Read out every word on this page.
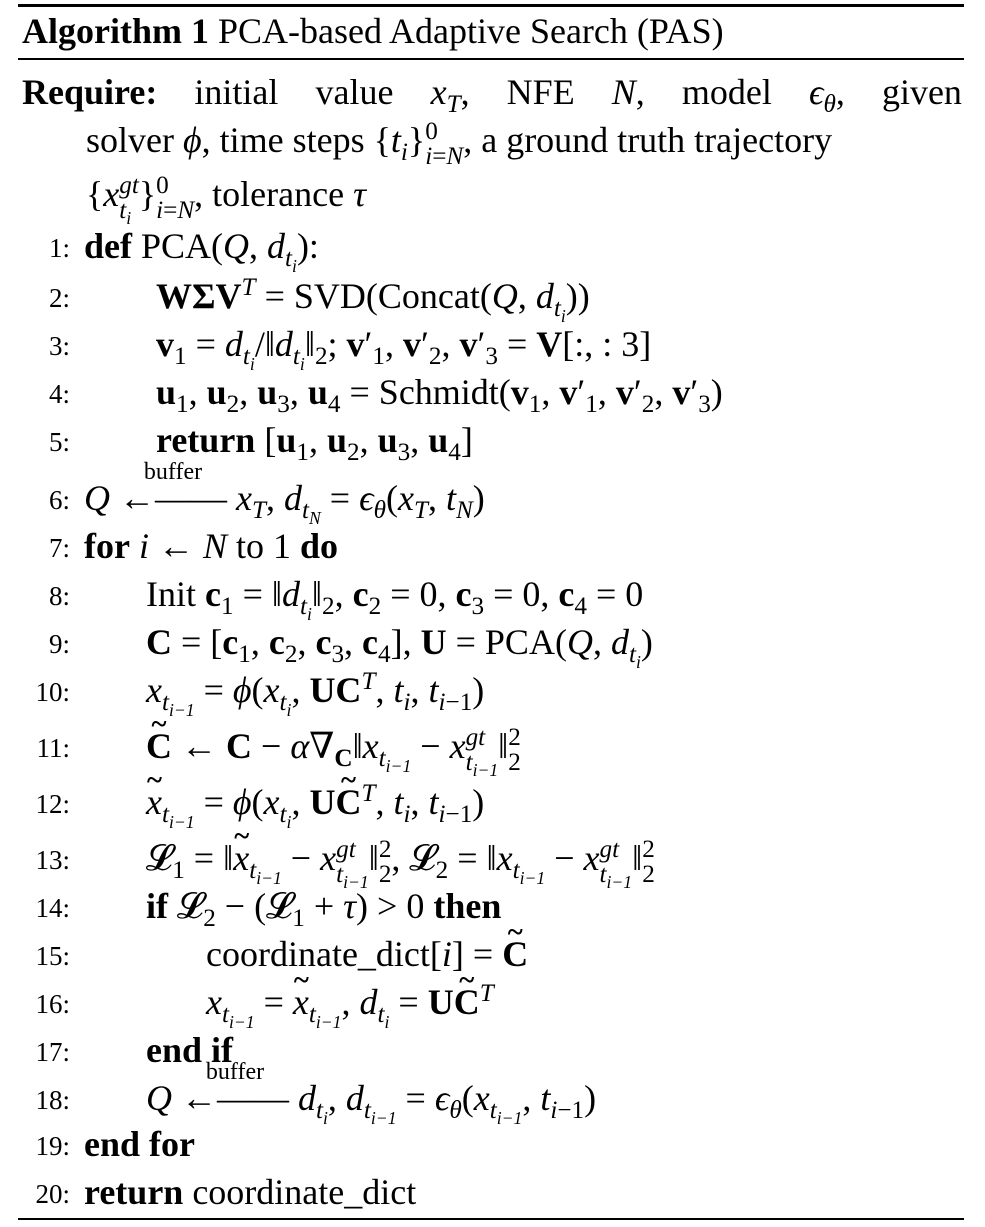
Algorithm 1 PCA-based Adaptive Search (PAS)
Require: initial value $x_T$, NFE N, model $\epsilon_\theta$, given
solver ϕ, time steps $\{t_i\}$ 0
i=N , a ground truth trajectory
{x gt
$t_i$
} 0
i=N , tolerance τ
1: def PCA(Q, $d_{t_i}$):
2: $W\Sigma V^T$ = SVD(Concat(Q, $d_{t_i}$))
3: $v_1$ = $d_{t_i}/‖d_{t_i}‖_2$; $v'_1$, $v'_2$, $v'_3 = V$[:, : 3]
4: $u_1$, $u_2$, $u_3$, $u_4$ = $Schmidt(v_1$, $v'_1$, $v'_2$, $v'_3$)
5: return [$u_1$, $u_2$, $u_3$, $u_4$]
6: Q
buffer
←—— $x_T$, $d_{t_N} = \epsilon_\theta(x_T$, $t_N$)
7: for i ← N to 1 do
8: Init $c_1$ = $‖d_{t_i}‖_2$, $c_2 = 0$, $c_3 = 0$, $c_4 = 0$
9: $C = [c_1$, $c_2$, $c_3$, $c_4$], U = PCA(Q, $d_{t_i}$)
10: $x_{t_{i-1}} = \phi(x_{t_i}$, $UC^T$, $t_i$, $t_{i-1}$)
11: ~ C ← $C - \alpha\nabla_C‖x_{t_{i-1}} - x$ gt
$t_{i-1}$
‖ 2
2
12: ~ $x_{t_{i-1}} = \phi(x_{t_i}$, U~ $C^T$, $t_i$, $t_{i-1}$)
13: 𝓛$_1$ = ‖~ $x_{t_{i-1}} - x$ gt
$t_{i-1}$
‖ 2
2 , 𝓛$_2$ = $‖x_{t_{i-1}} - x$ gt
$t_{i-1}$
‖ 2
2
14: if 𝓛$_2$ − (𝓛$_1$ + τ) > 0 then
15:	coordinate_dict[i] = ~ C
16:	$x_{t_{i-1}}$ = ~ $x_{t_{i-1}}$, $d_{t_i}$ = U~ $C^T$
17: end if
18: Q
buffer
←—— $d_{t_i}$, $d_{t_{i-1}} = \epsilon_\theta(x_{t_{i-1}}$, $t_{i-1}$)
19: end for
20: return coordinate_dict
